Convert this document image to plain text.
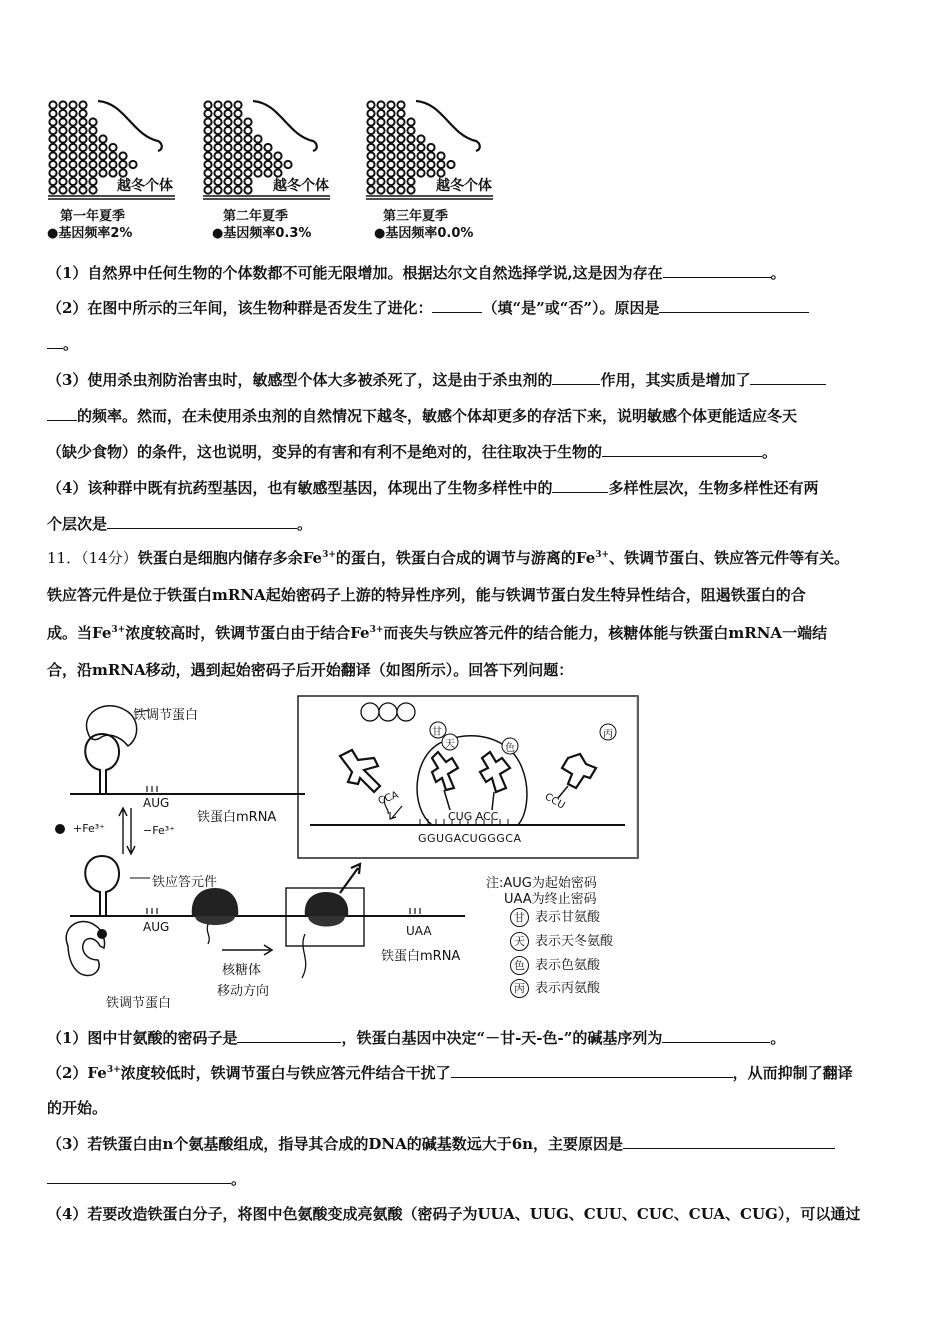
越冬个体	越冬个体	越冬个体
第一年夏季	第二年夏季	第三年夏季
●基因频率2%	●基因频率0.3%	●基因频率0.0%
（1）自然界中任何生物的个体数都不可能无限增加。根据达尔文自然选择学说,这是因为存在	。
（2）在图中所示的三年间，该生物种群是否发生了进化：	（填“是”或“否”）。原因是
。
（3）使用杀虫剂防治害虫时，敏感型个体大多被杀死了，这是由于杀虫剂的	作用，其实质是增加了
的频率。然而，在未使用杀虫剂的自然情况下越冬，敏感个体却更多的存活下来，说明敏感个体更能适应冬天
（缺少食物）的条件，这也说明，变异的有害和有利不是绝对的，往往取决于生物的	。
（4）该种群中既有抗药型基因，也有敏感型基因，体现出了生物多样性中的	多样性层次，生物多样性还有两
个层次是	。
11．（14分）铁蛋白是细胞内储存多余$Fe^{3+}$的蛋白，铁蛋白合成的调节与游离的$Fe^{3+}$、铁调节蛋白、铁应答元件等有关。
铁应答元件是位于铁蛋白mRNA起始密码子上游的特异性序列，能与铁调节蛋白发生特异性结合，阻遏铁蛋白的合
成。当$Fe^{3+}$浓度较高时，铁调节蛋白由于结合$Fe^{3+}$而丧失与铁应答元件的结合能力，核糖体能与铁蛋白mRNA一端结
合，沿mRNA移动，遇到起始密码子后开始翻译（如图所示）。回答下列问题：
铁调节蛋白
AUG
铁蛋白mRNA
+Fe³⁺	−Fe³⁺
铁应答元件
AUG	UAA
铁蛋白mRNA
铁调节蛋白
核糖体
移动方向
CCA
CUG ACC
CCU
GGUGACUGGGCA
甘
天	色
丙
注:AUG为起始密码
UAA为终止密码
甘 表示甘氨酸
天 表示天冬氨酸
色 表示色氨酸
丙 表示丙氨酸
（1）图中甘氨酸的密码子是	，铁蛋白基因中决定“－甘-天-色-”的碱基序列为	。
$(2)Fe^{3+}$浓度较低时，铁调节蛋白与铁应答元件结合干扰了	，从而抑制了翻译
的开始。
（3）若铁蛋白由n个氨基酸组成，指导其合成的DNA的碱基数远大于6n，主要原因是
。
（4）若要改造铁蛋白分子，将图中色氨酸变成亮氨酸（密码子为UUA、UUG、CUU、CUC、CUA、CUG），可以通过
